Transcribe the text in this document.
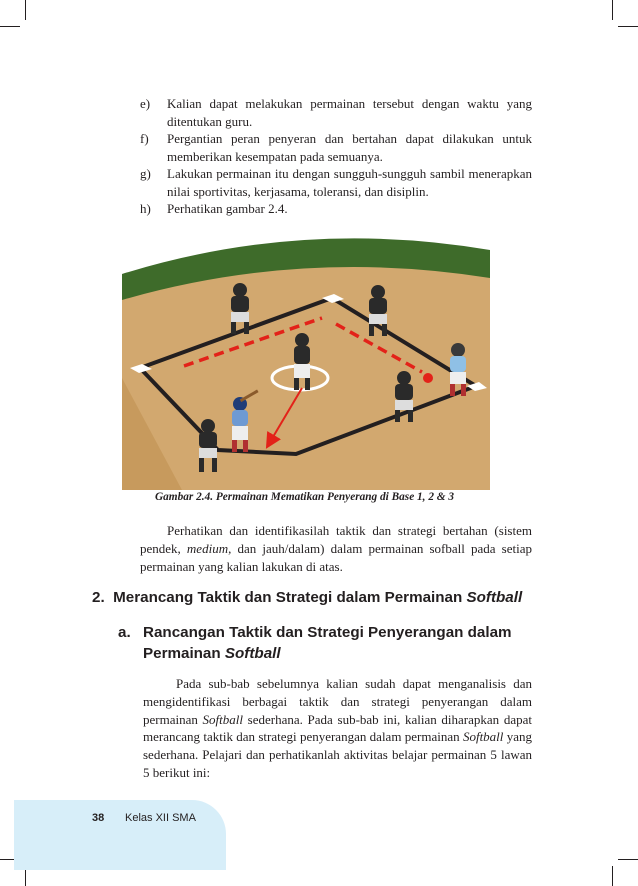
e) Kalian dapat melakukan permainan tersebut dengan waktu yang ditentukan guru.
f) Pergantian peran penyeran dan bertahan dapat dilakukan untuk memberikan kesempatan pada semuanya.
g) Lakukan permainan itu dengan sungguh-sungguh sambil menerapkan nilai sportivitas, kerjasama, toleransi, dan disiplin.
h) Perhatikan gambar 2.4.
Gambar 2.4. Permainan Mematikan Penyerang di Base 1, 2 & 3

Perhatikan dan identifikasilah taktik dan strategi bertahan (sistem pendek, medium, dan jauh/dalam) dalam permainan sofball pada setiap permainan yang kalian lakukan di atas.

2. Merancang Taktik dan Strategi dalam Permainan Softball
a. Rancangan Taktik dan Strategi Penyerangan dalam Permainan Softball

Pada sub-bab sebelumnya kalian sudah dapat menganalisis dan mengidentifikasi berbagai taktik dan strategi penyerangan dalam permainan Softball sederhana. Pada sub-bab ini, kalian diharapkan dapat merancang taktik dan strategi penyerangan dalam permainan Softball yang sederhana. Pelajari dan perhatikanlah aktivitas belajar permainan 5 lawan 5 berikut ini:

38 Kelas XII SMA
